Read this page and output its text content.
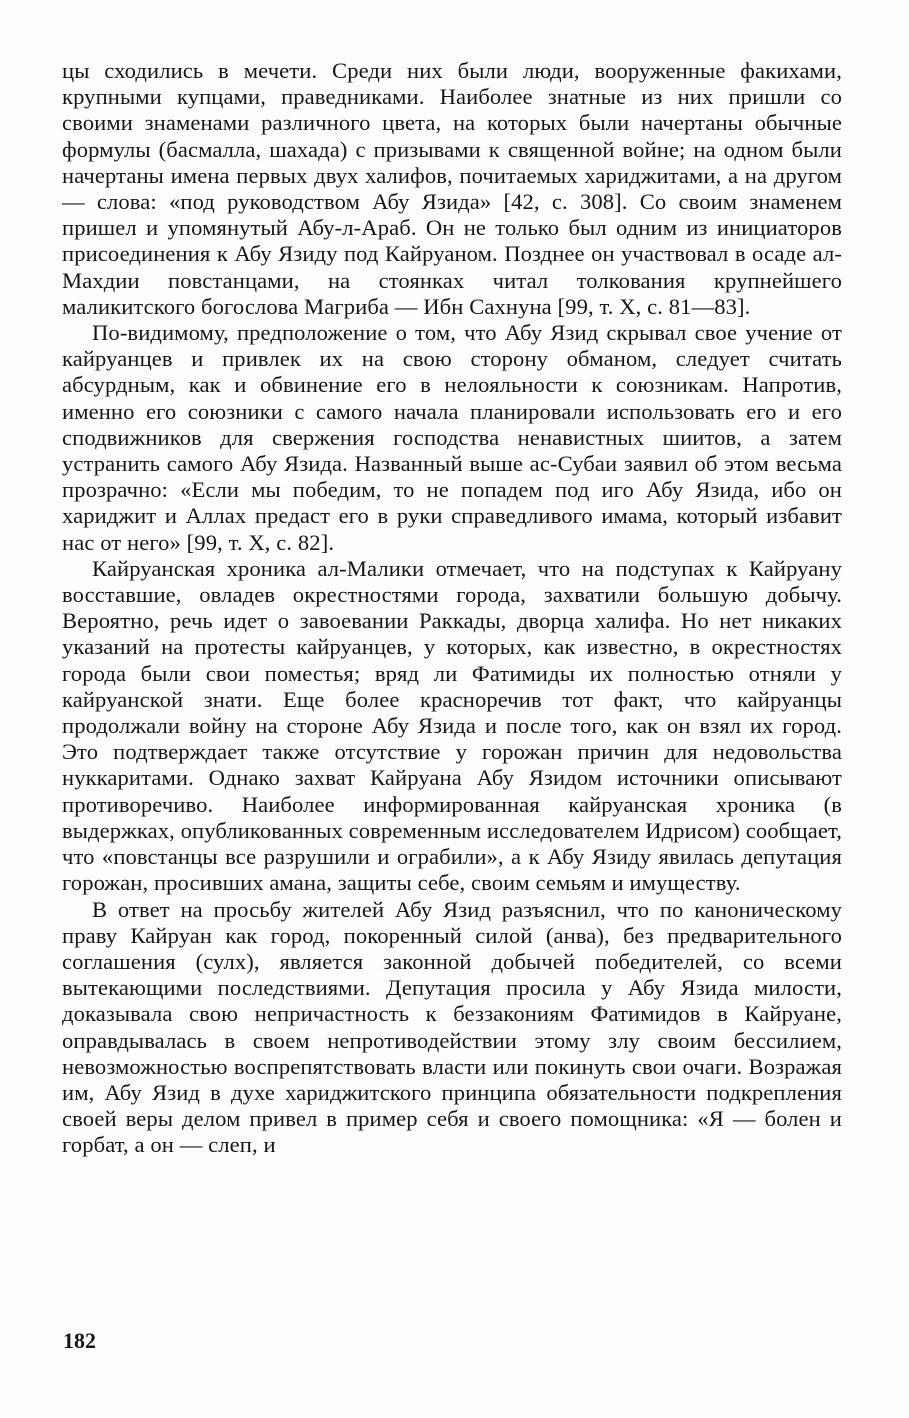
цы сходились в мечети. Среди них были люди, вооруженные факихами, крупными купцами, праведниками. Наиболее знатные из них пришли со своими знаменами различного цвета, на которых были начертаны обычные формулы (басмалла, шахада) с призывами к священной войне; на одном были начертаны имена первых двух халифов, почитаемых хариджитами, а на другом — слова: «под руководством Абу Язида» [42, с. 308]. Со своим знаменем пришел и упомянутый Абу-л-Араб. Он не только был одним из инициаторов присоединения к Абу Язиду под Кайруаном. Позднее он участвовал в осаде ал-Махдии повстанцами, на стоянках читал толкования крупнейшего маликитского богослова Магриба — Ибн Сахнуна [99, т. X, с. 81—83].

По-видимому, предположение о том, что Абу Язид скрывал свое учение от кайруанцев и привлек их на свою сторону обманом, следует считать абсурдным, как и обвинение его в нелояльности к союзникам. Напротив, именно его союзники с самого начала планировали использовать его и его сподвижников для свержения господства ненавистных шиитов, а затем устранить самого Абу Язида. Названный выше ас-Субаи заявил об этом весьма прозрачно: «Если мы победим, то не попадем под иго Абу Язида, ибо он хариджит и Аллах предаст его в руки справедливого имама, который избавит нас от него» [99, т. X, с. 82].

Кайруанская хроника ал-Малики отмечает, что на подступах к Кайруану восставшие, овладев окрестностями города, захватили большую добычу. Вероятно, речь идет о завоевании Раккады, дворца халифа. Но нет никаких указаний на протесты кайруанцев, у которых, как известно, в окрестностях города были свои поместья; вряд ли Фатимиды их полностью отняли у кайруанской знати. Еще более красноречив тот факт, что кайруанцы продолжали войну на стороне Абу Язида и после того, как он взял их город. Это подтверждает также отсутствие у горожан причин для недовольства нуккаритами. Однако захват Кайруана Абу Язидом источники описывают противоречиво. Наиболее информированная кайруанская хроника (в выдержках, опубликованных современным исследователем Идрисом) сообщает, что «повстанцы все разрушили и ограбили», а к Абу Язиду явилась депутация горожан, просивших амана, защиты себе, своим семьям и имуществу.

В ответ на просьбу жителей Абу Язид разъяснил, что по каноническому праву Кайруан как город, покоренный силой (анва), без предварительного соглашения (сулх), является законной добычей победителей, со всеми вытекающими последствиями. Депутация просила у Абу Язида милости, доказывала свою непричастность к беззакониям Фатимидов в Кайруане, оправдывалась в своем непротиводействии этому злу своим бессилием, невозможностью воспрепятствовать власти или покинуть свои очаги. Возражая им, Абу Язид в духе хариджитского принципа обязательности подкрепления своей веры делом привел в пример себя и своего помощника: «Я — болен и горбат, а он — слеп, и

182
